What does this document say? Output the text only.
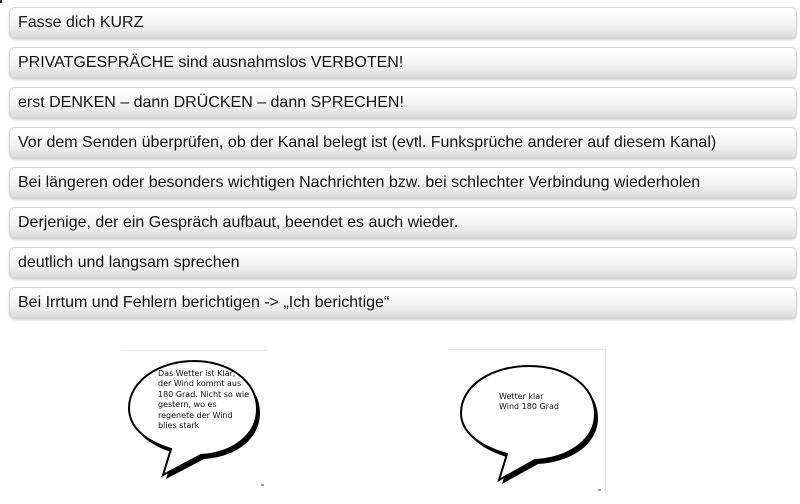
Fasse dich KURZ
PRIVATGESPRÄCHE sind ausnahmslos VERBOTEN!
erst DENKEN – dann DRÜCKEN – dann SPRECHEN!
Vor dem Senden überprüfen, ob der Kanal belegt ist (evtl. Funksprüche anderer auf diesem Kanal)
Bei längeren oder besonders wichtigen Nachrichten bzw. bei schlechter Verbindung wiederholen
Derjenige, der ein Gespräch aufbaut, beendet es auch wieder.
deutlich und langsam sprechen
Bei Irrtum und Fehlern berichtigen -> „Ich berichtige“
Das Wetter ist Klar,
der Wind kommt aus
180 Grad. Nicht so wie
gestern, wo es
regenete der Wind
blies stark
Wetter klar
Wind 180 Grad
